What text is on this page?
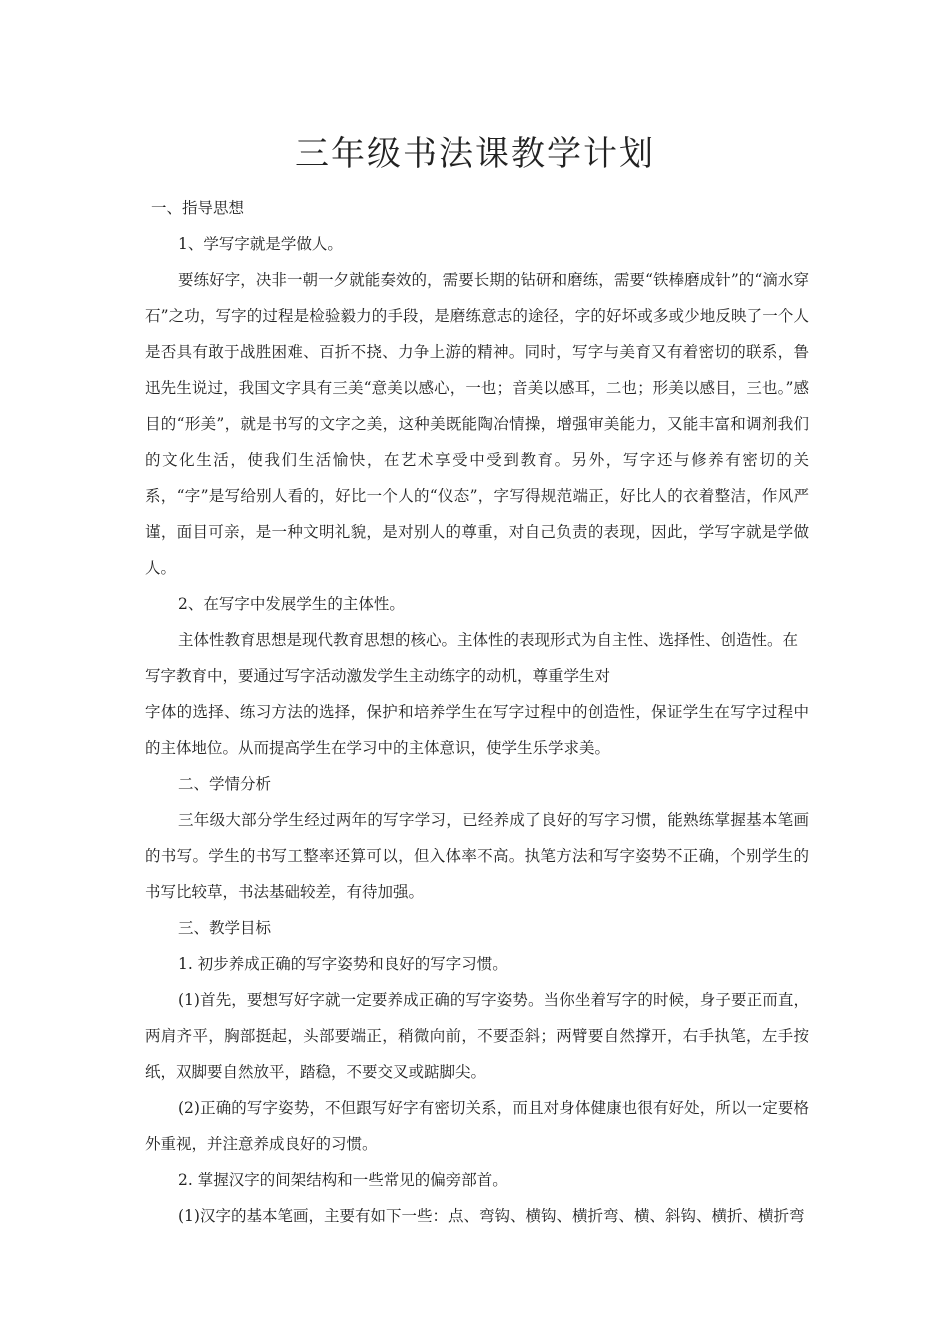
三年级书法课教学计划

一、指导思想

1、学写字就是学做人。

要练好字，决非一朝一夕就能奏效的，需要长期的钻研和磨练，需要“铁棒磨成针”的“滴水穿石”之功，写字的过程是检验毅力的手段，是磨练意志的途径，字的好坏或多或少地反映了一个人是否具有敢于战胜困难、百折不挠、力争上游的精神。同时，写字与美育又有着密切的联系，鲁迅先生说过，我国文字具有三美“意美以感心，一也；音美以感耳，二也；形美以感目，三也。”感目的“形美”，就是书写的文字之美，这种美既能陶冶情操，增强审美能力，又能丰富和调剂我们的文化生活，使我们生活愉快，在艺术享受中受到教育。另外，写字还与修养有密切的关系，“字”是写给别人看的，好比一个人的“仪态”，字写得规范端正，好比人的衣着整洁，作风严谨，面目可亲，是一种文明礼貌，是对别人的尊重，对自己负责的表现，因此，学写字就是学做人。

2、在写字中发展学生的主体性。

主体性教育思想是现代教育思想的核心。主体性的表现形式为自主性、选择性、创造性。在写字教育中，要通过写字活动激发学生主动练字的动机，尊重学生对

字体的选择、练习方法的选择，保护和培养学生在写字过程中的创造性，保证学生在写字过程中的主体地位。从而提高学生在学习中的主体意识，使学生乐学求美。

二、学情分析

三年级大部分学生经过两年的写字学习，已经养成了良好的写字习惯，能熟练掌握基本笔画的书写。学生的书写工整率还算可以，但入体率不高。执笔方法和写字姿势不正确，个别学生的书写比较草，书法基础较差，有待加强。

三、教学目标

1. 初步养成正确的写字姿势和良好的写字习惯。

(1)首先，要想写好字就一定要养成正确的写字姿势。当你坐着写字的时候，身子要正而直，两肩齐平，胸部挺起，头部要端正，稍微向前，不要歪斜；两臂要自然撑开，右手执笔，左手按纸，双脚要自然放平，踏稳，不要交叉或踮脚尖。

(2)正确的写字姿势，不但跟写好字有密切关系，而且对身体健康也很有好处，所以一定要格外重视，并注意养成良好的习惯。

2. 掌握汉字的间架结构和一些常见的偏旁部首。

(1)汉字的基本笔画，主要有如下一些：点、弯钩、横钩、横折弯、横、斜钩、横折、横折弯
